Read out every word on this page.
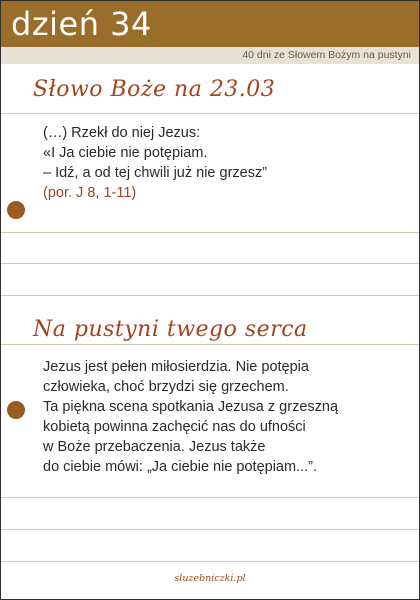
dzień 34
40 dni ze Słowem Bożym na pustyni
Słowo Boże na 23.03
(…) Rzekł do niej Jezus:
«I Ja ciebie nie potępiam.
– Idź, a od tej chwili już nie grzesz”
(por. J 8, 1-11)
Na pustyni twego serca
Jezus jest pełen miłosierdzia. Nie potępia
człowieka, choć brzydzi się grzechem.
Ta piękna scena spotkania Jezusa z grzeszną
kobietą powinna zachęcić nas do ufności
w Boże przebaczenia. Jezus także
do ciebie mówi: „Ja ciebie nie potępiam...”.
sluzebniczki.pl
